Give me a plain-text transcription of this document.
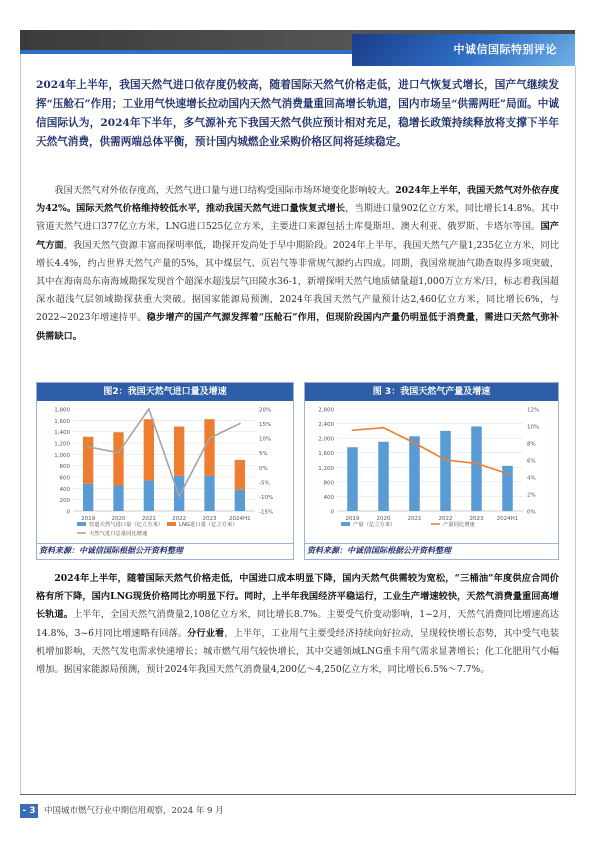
中诚信国际特别评论
2024年上半年，我国天然气进口依存度仍较高，随着国际天然气价格走低，进口气恢复式增长，国产气继续发挥“压舱石”作用；工业用气快速增长拉动国内天然气消费量重回高增长轨道，国内市场呈“供需两旺”局面。中诚信国际认为，2024年下半年，多气源补充下我国天然气供应预计相对充足，稳增长政策持续释放将支撑下半年天然气消费，供需两端总体平衡，预计国内城燃企业采购价格区间将延续稳定。
我国天然气对外依存度高，天然气进口量与进口结构受国际市场环境变化影响较大。2024年上半年，我国天然气对外依存度为42%。国际天然气价格维持较低水平，推动我国天然气进口量恢复式增长，当期进口量902亿立方米，同比增长14.8%。其中管道天然气进口377亿立方米，LNG进口525亿立方米，主要进口来源包括土库曼斯坦、澳大利亚、俄罗斯、卡塔尔等国。国产气方面，我国天然气资源丰富而探明率低，勘探开发尚处于早中期阶段。2024年上半年，我国天然气产量1,235亿立方米，同比增长4.4%，约占世界天然气产量的5%，其中煤层气、页岩气等非常规气源约占四成。同期，我国常规油气勘查取得多项突破，其中在海南岛东南海域勘探发现首个超深水超浅层气田陵水36-1，新增探明天然气地质储量超1,000万立方米/日，标志着我国超深水超浅气层领域勘探获重大突破。据国家能源局预测，2024年我国天然气产量预计达2,460亿立方米，同比增长6%，与2022~2023年增速持平。稳步增产的国产气源发挥着“压舱石”作用，但现阶段国内产量仍明显低于消费量，需进口天然气弥补供需缺口。
图2：我国天然气进口量及增速
0
200
400
600
800
1,000
1,200
1,400
1,600
1,800
-15%
-10%
-5%
0%
5%
10%
15%
20%
2019	2020	2021	2022	2023 2024H1
管道天然气进口量（亿立方米）	LNG进口量（亿立方米）
天然气进口总量同比增速
资料来源：中诚信国际根据公开资料整理
图 3：我国天然气产量及增速
0
400
800
1,200
1,600
2,000
2,400
2,800
0%
2%
4%
6%
8%
10%
12%
2019	2020	2021	2022	2023 2024H1
产量（亿立方米）	产量同比增速
资料来源：中诚信国际根据公开资料整理
2024年上半年，随着国际天然气价格走低，中国进口成本明显下降，国内天然气供需较为宽松，“三桶油”年度供应合同价格有所下降，国内LNG现货价格同比亦明显下行。同时，上半年我国经济平稳运行，工业生产增速较快，天然气消费量重回高增长轨道。上半年，全国天然气消费量2,108亿立方米，同比增长8.7%。主要受气价变动影响，1~2月，天然气消费同比增速高达14.8%，3~6月同比增速略有回落。分行业看，上半年，工业用气主要受经济持续向好拉动，呈现较快增长态势，其中受气电装机增加影响，天然气发电需求快速增长；城市燃气用气较快增长，其中交通领域LNG重卡用气需求显著增长；化工化肥用气小幅增加。据国家能源局预测，预计2024年我国天然气消费量4,200亿～4,250亿立方米，同比增长6.5%～7.7%。
- 3 -
中国城市燃气行业中期信用观察，2024 年 9 月
